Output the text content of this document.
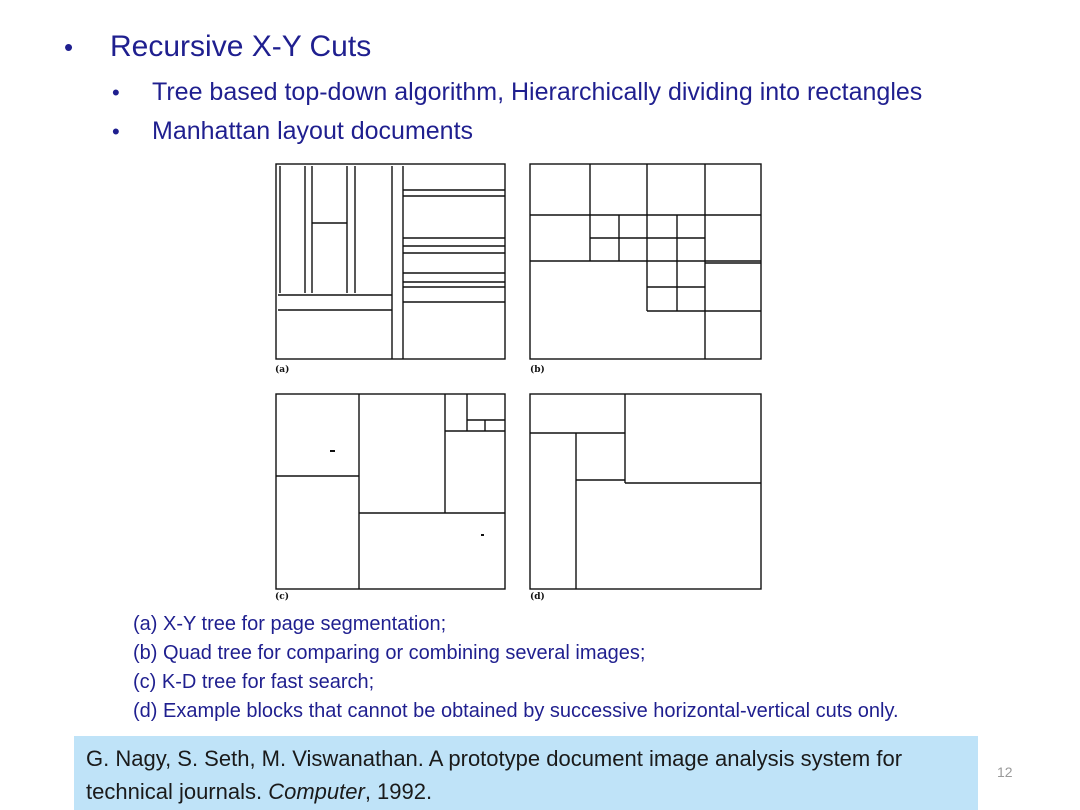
•	Recursive X-Y Cuts
•	Tree based top-down algorithm, Hierarchically dividing into rectangles
•	Manhattan layout documents
(a)	(b)
(c)	(d)
(a) X-Y tree for page segmentation;
(b) Quad tree for comparing or combining several images;
(c) K-D tree for fast search;
(d) Example blocks that cannot be obtained by successive horizontal-vertical cuts only.
G. Nagy, S. Seth, M. Viswanathan. A prototype document image analysis system for technical journals. Computer, 1992.
12
